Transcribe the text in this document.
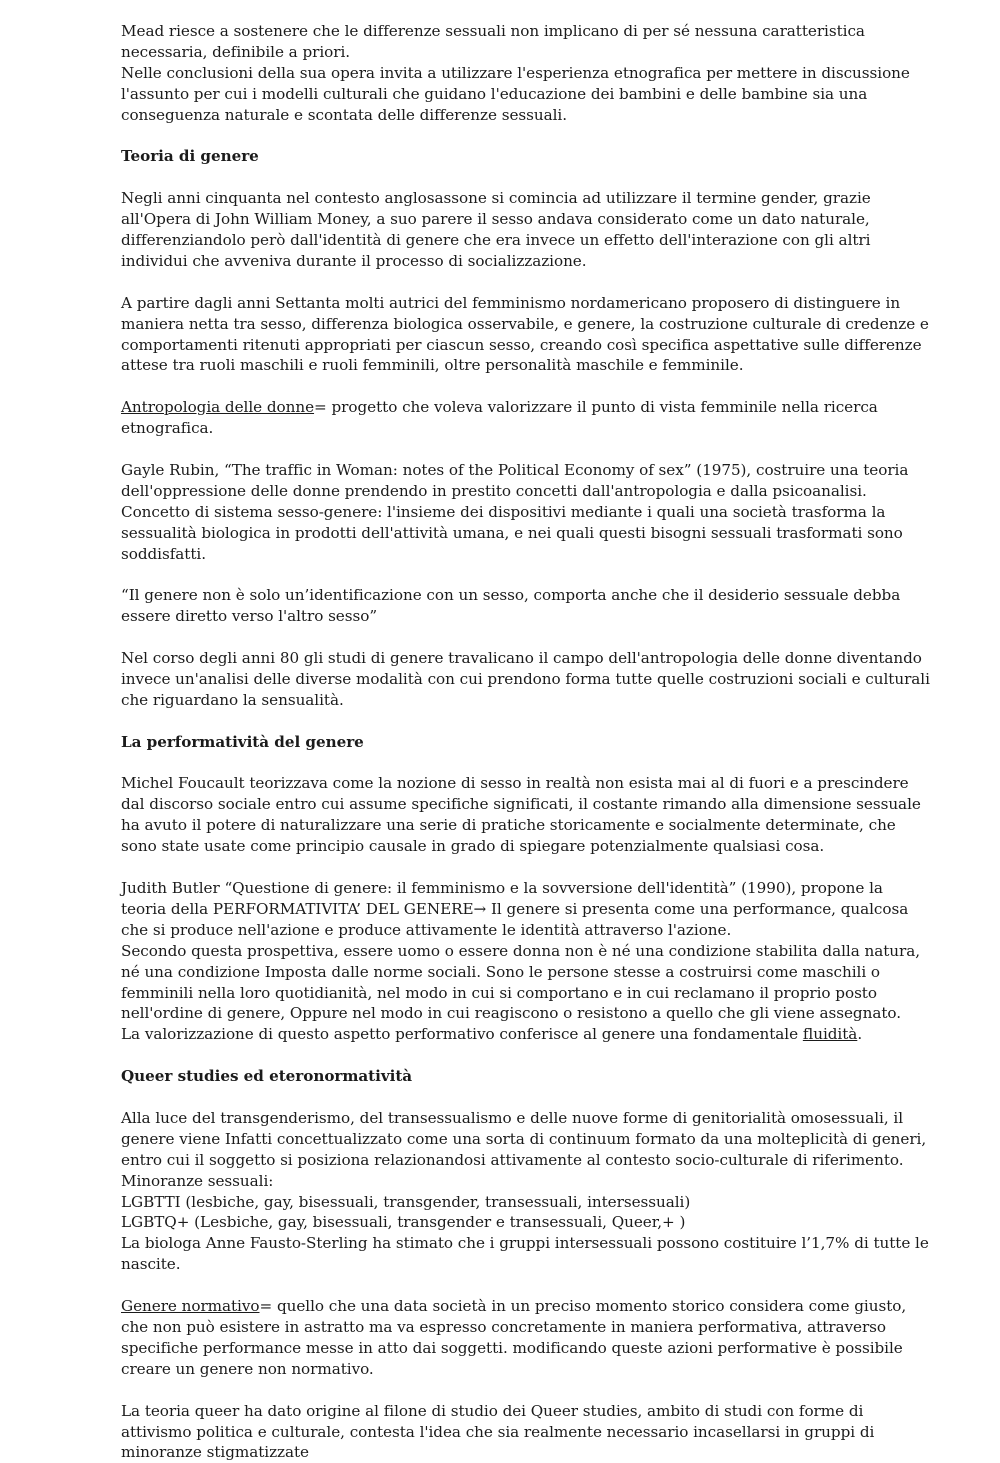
Mead riesce a sostenere che le differenze sessuali non implicano di per sé nessuna caratteristica necessaria, definibile a priori.

Nelle conclusioni della sua opera invita a utilizzare l'esperienza etnografica per mettere in discussione l'assunto per cui i modelli culturali che guidano l'educazione dei bambini e delle bambine sia una conseguenza naturale e scontata delle differenze sessuali.

Teoria di genere

Negli anni cinquanta nel contesto anglosassone si comincia ad utilizzare il termine gender, grazie all'Opera di John William Money, a suo parere il sesso andava considerato come un dato naturale, differenziandolo però dall'identità di genere che era invece un effetto dell'interazione con gli altri individui che avveniva durante il processo di socializzazione.

A partire dagli anni Settanta molti autrici del femminismo nordamericano proposero di distinguere in maniera netta tra sesso, differenza biologica osservabile, e genere, la costruzione culturale di credenze e comportamenti ritenuti appropriati per ciascun sesso, creando così specifica aspettative sulle differenze attese tra ruoli maschili e ruoli femminili, oltre personalità maschile e femminile.

Antropologia delle donne= progetto che voleva valorizzare il punto di vista femminile nella ricerca etnografica.

Gayle Rubin, “The traffic in Woman: notes of the Political Economy of sex” (1975), costruire una teoria dell'oppressione delle donne prendendo in prestito concetti dall'antropologia e dalla psicoanalisi.

Concetto di sistema sesso-genere: l'insieme dei dispositivi mediante i quali una società trasforma la sessualità biologica in prodotti dell'attività umana, e nei quali questi bisogni sessuali trasformati sono soddisfatti.

“Il genere non è solo un’identificazione con un sesso, comporta anche che il desiderio sessuale debba essere diretto verso l'altro sesso”

Nel corso degli anni 80 gli studi di genere travalicano il campo dell'antropologia delle donne diventando invece un'analisi delle diverse modalità con cui prendono forma tutte quelle costruzioni sociali e culturali che riguardano la sensualità.

La performatività del genere

Michel Foucault teorizzava come la nozione di sesso in realtà non esista mai al di fuori e a prescindere dal discorso sociale entro cui assume specifiche significati, il costante rimando alla dimensione sessuale ha avuto il potere di naturalizzare una serie di pratiche storicamente e socialmente determinate, che sono state usate come principio causale in grado di spiegare potenzialmente qualsiasi cosa.

Judith Butler “Questione di genere: il femminismo e la sovversione dell'identità” (1990), propone la teoria della PERFORMATIVITA’ DEL GENERE→ Il genere si presenta come una performance, qualcosa che si produce nell'azione e produce attivamente le identità attraverso l'azione.

Secondo questa prospettiva, essere uomo o essere donna non è né una condizione stabilita dalla natura, né una condizione Imposta dalle norme sociali. Sono le persone stesse a costruirsi come maschili o femminili nella loro quotidianità, nel modo in cui si comportano e in cui reclamano il proprio posto nell'ordine di genere, Oppure nel modo in cui reagiscono o resistono a quello che gli viene assegnato.

La valorizzazione di questo aspetto performativo conferisce al genere una fondamentale fluidità.

Queer studies ed eteronormatività

Alla luce del transgenderismo, del transessualismo e delle nuove forme di genitorialità omosessuali, il genere viene Infatti concettualizzato come una sorta di continuum formato da una molteplicità di generi, entro cui il soggetto si posiziona relazionandosi attivamente al contesto socio-culturale di riferimento.

Minoranze sessuali:

LGBTTI (lesbiche, gay, bisessuali, transgender, transessuali, intersessuali)

LGBTQ+ (Lesbiche, gay, bisessuali, transgender e transessuali, Queer,+ )

La biologa Anne Fausto-Sterling ha stimato che i gruppi intersessuali possono costituire l’1,7% di tutte le nascite.

Genere normativo= quello che una data società in un preciso momento storico considera come giusto, che non può esistere in astratto ma va espresso concretamente in maniera performativa, attraverso specifiche performance messe in atto dai soggetti. modificando queste azioni performative è possibile creare un genere non normativo.

La teoria queer ha dato origine al filone di studio dei Queer studies, ambito di studi con forme di attivismo politica e culturale, contesta l'idea che sia realmente necessario incasellarsi in gruppi di minoranze stigmatizzate
